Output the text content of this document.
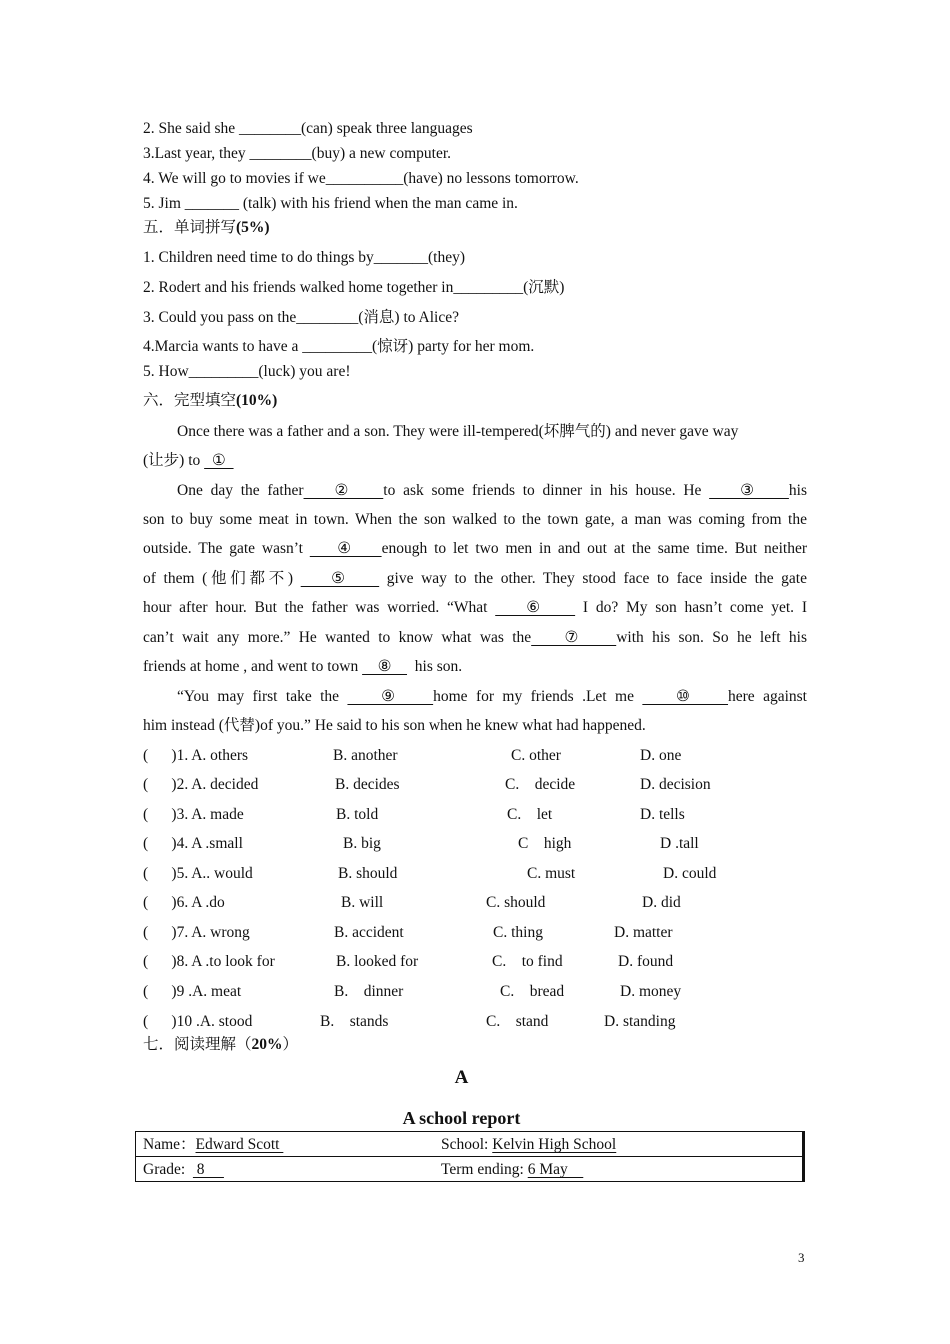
2. She said she ________(can) speak three languages
3.Last year, they ________(buy) a new computer.
4. We will go to movies if we__________(have) no lessons tomorrow.
5. Jim _______ (talk) with his friend when the man came in.
五．单词拼写(5%)
1. Children need time to do things by_______(they)
2. Rodert and his friends walked home together in_________(沉默)
3. Could you pass on the________(消息) to Alice?
4.Marcia wants to have a _________(惊讶) party for her mom.
5. How_________(luck) you are!
六．完型填空(10%)
Once there was a father and a son. They were ill-tempered(坏脾气的) and never gave way
(让步) to   ①
One day the father    ②    to ask some friends to dinner in his house. He     ③    his
son to buy some meat in town. When the son walked to the town gate, a man was coming from the
outside. The gate wasn’t     ④    enough to let two men in and out at the same time. But neither
of them (他们都不)     ⑤     give way to the other. They stood face to face inside the gate
hour after hour. But the father was worried. “What     ⑥     I do? My son hasn’t come yet. I
can’t wait any more.” He wanted to know what was the    ⑦    with his son. So he left his
friends at home , and went to town     ⑧      his son.
“You may first take the     ⑨    home for my friends .Let me     ⑩    here against
him instead (代替)of you.” He said to his son when he knew what had happened.
(      )1. A. others	B. another	C. other	D. one
(      )2. A. decided	B. decides	C.    decide	D. decision
(      )3. A. made	B. told	C.    let	D. tells
(      )4. A .small	B. big	C    high	D .tall
(      )5. A.. would	B. should	C. must	D. could
(      )6. A .do	B. will	C. should	D. did
(      )7. A. wrong	B. accident	C. thing	D. matter
(      )8. A .to look for	B. looked for	C.    to find	D. found
(      )9 .A. meat	B.    dinner	C.    bread	D. money
(      )10 .A. stood	B.    stands	C.    stand	D. standing
七．阅读理解（20%）
A
A school report
Name：Edward Scott	School: Kelvin High School
Grade:   8	Term ending: 6 May
3
